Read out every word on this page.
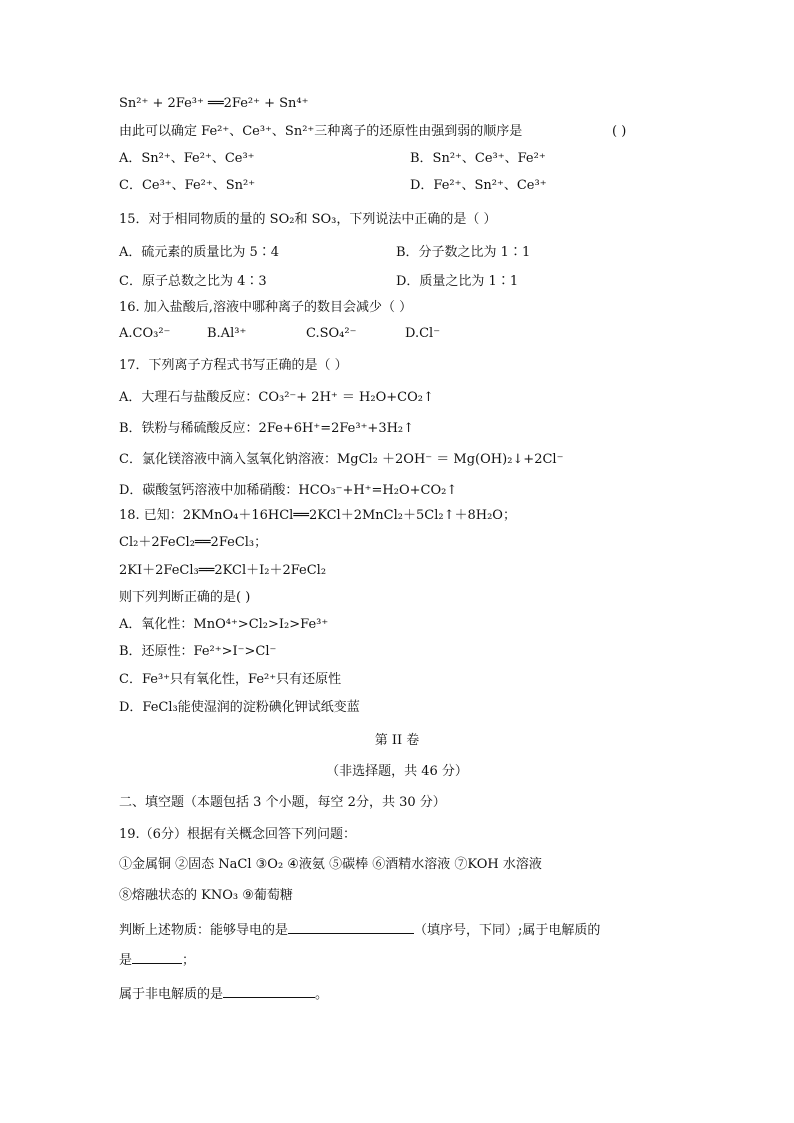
Sn²⁺ + 2Fe³⁺ ══2Fe²⁺ + Sn⁴⁺
由此可以确定 Fe²⁺、Ce³⁺、Sn²⁺三种离子的还原性由强到弱的顺序是	( )
A．Sn²⁺、Fe²⁺、Ce³⁺	B．Sn²⁺、Ce³⁺、Fe²⁺
C．Ce³⁺、Fe²⁺、Sn²⁺	D．Fe²⁺、Sn²⁺、Ce³⁺
15．对于相同物质的量的 SO₂和 SO₃，下列说法中正确的是（ ）
A．硫元素的质量比为 5∶4	B．分子数之比为 1∶1
C．原子总数之比为 4∶3	D．质量之比为 1∶1
16. 加入盐酸后,溶液中哪种离子的数目会减少（ ）
A.CO₃²⁻	B.Al³⁺	C.SO₄²⁻	D.Cl⁻
17．下列离子方程式书写正确的是（ ）
A．大理石与盐酸反应：CO₃²⁻+ 2H⁺ ＝ H₂O+CO₂↑
B．铁粉与稀硫酸反应：2Fe+6H⁺=2Fe³⁺+3H₂↑
C．氯化镁溶液中滴入氢氧化钠溶液：MgCl₂ ＋2OH⁻ ＝ Mg(OH)₂↓+2Cl⁻
D．碳酸氢钙溶液中加稀硝酸：HCO₃⁻+H⁺=H₂O+CO₂↑
18. 已知：2KMnO₄＋16HCl══2KCl＋2MnCl₂＋5Cl₂↑＋8H₂O；
Cl₂＋2FeCl₂══2FeCl₃；
2KI＋2FeCl₃══2KCl＋I₂＋2FeCl₂
则下列判断正确的是( )
A．氧化性：MnO⁴⁺>Cl₂>I₂>Fe³⁺
B．还原性：Fe²⁺>I⁻>Cl⁻
C．Fe³⁺只有氧化性，Fe²⁺只有还原性
D．FeCl₃能使湿润的淀粉碘化钾试纸变蓝
第 II 卷
（非选择题，共 46 分）
二、填空题（本题包括 3 个小题，每空 2分，共 30 分）
19.（6分）根据有关概念回答下列问题：
①金属铜 ②固态 NaCl ③O₂ ④液氨 ⑤碳棒 ⑥酒精水溶液 ⑦KOH 水溶液
⑧熔融状态的 KNO₃ ⑨葡萄糖
判断上述物质：能够导电的是	（填序号，下同）;属于电解质的
是	；
属于非电解质的是	。
